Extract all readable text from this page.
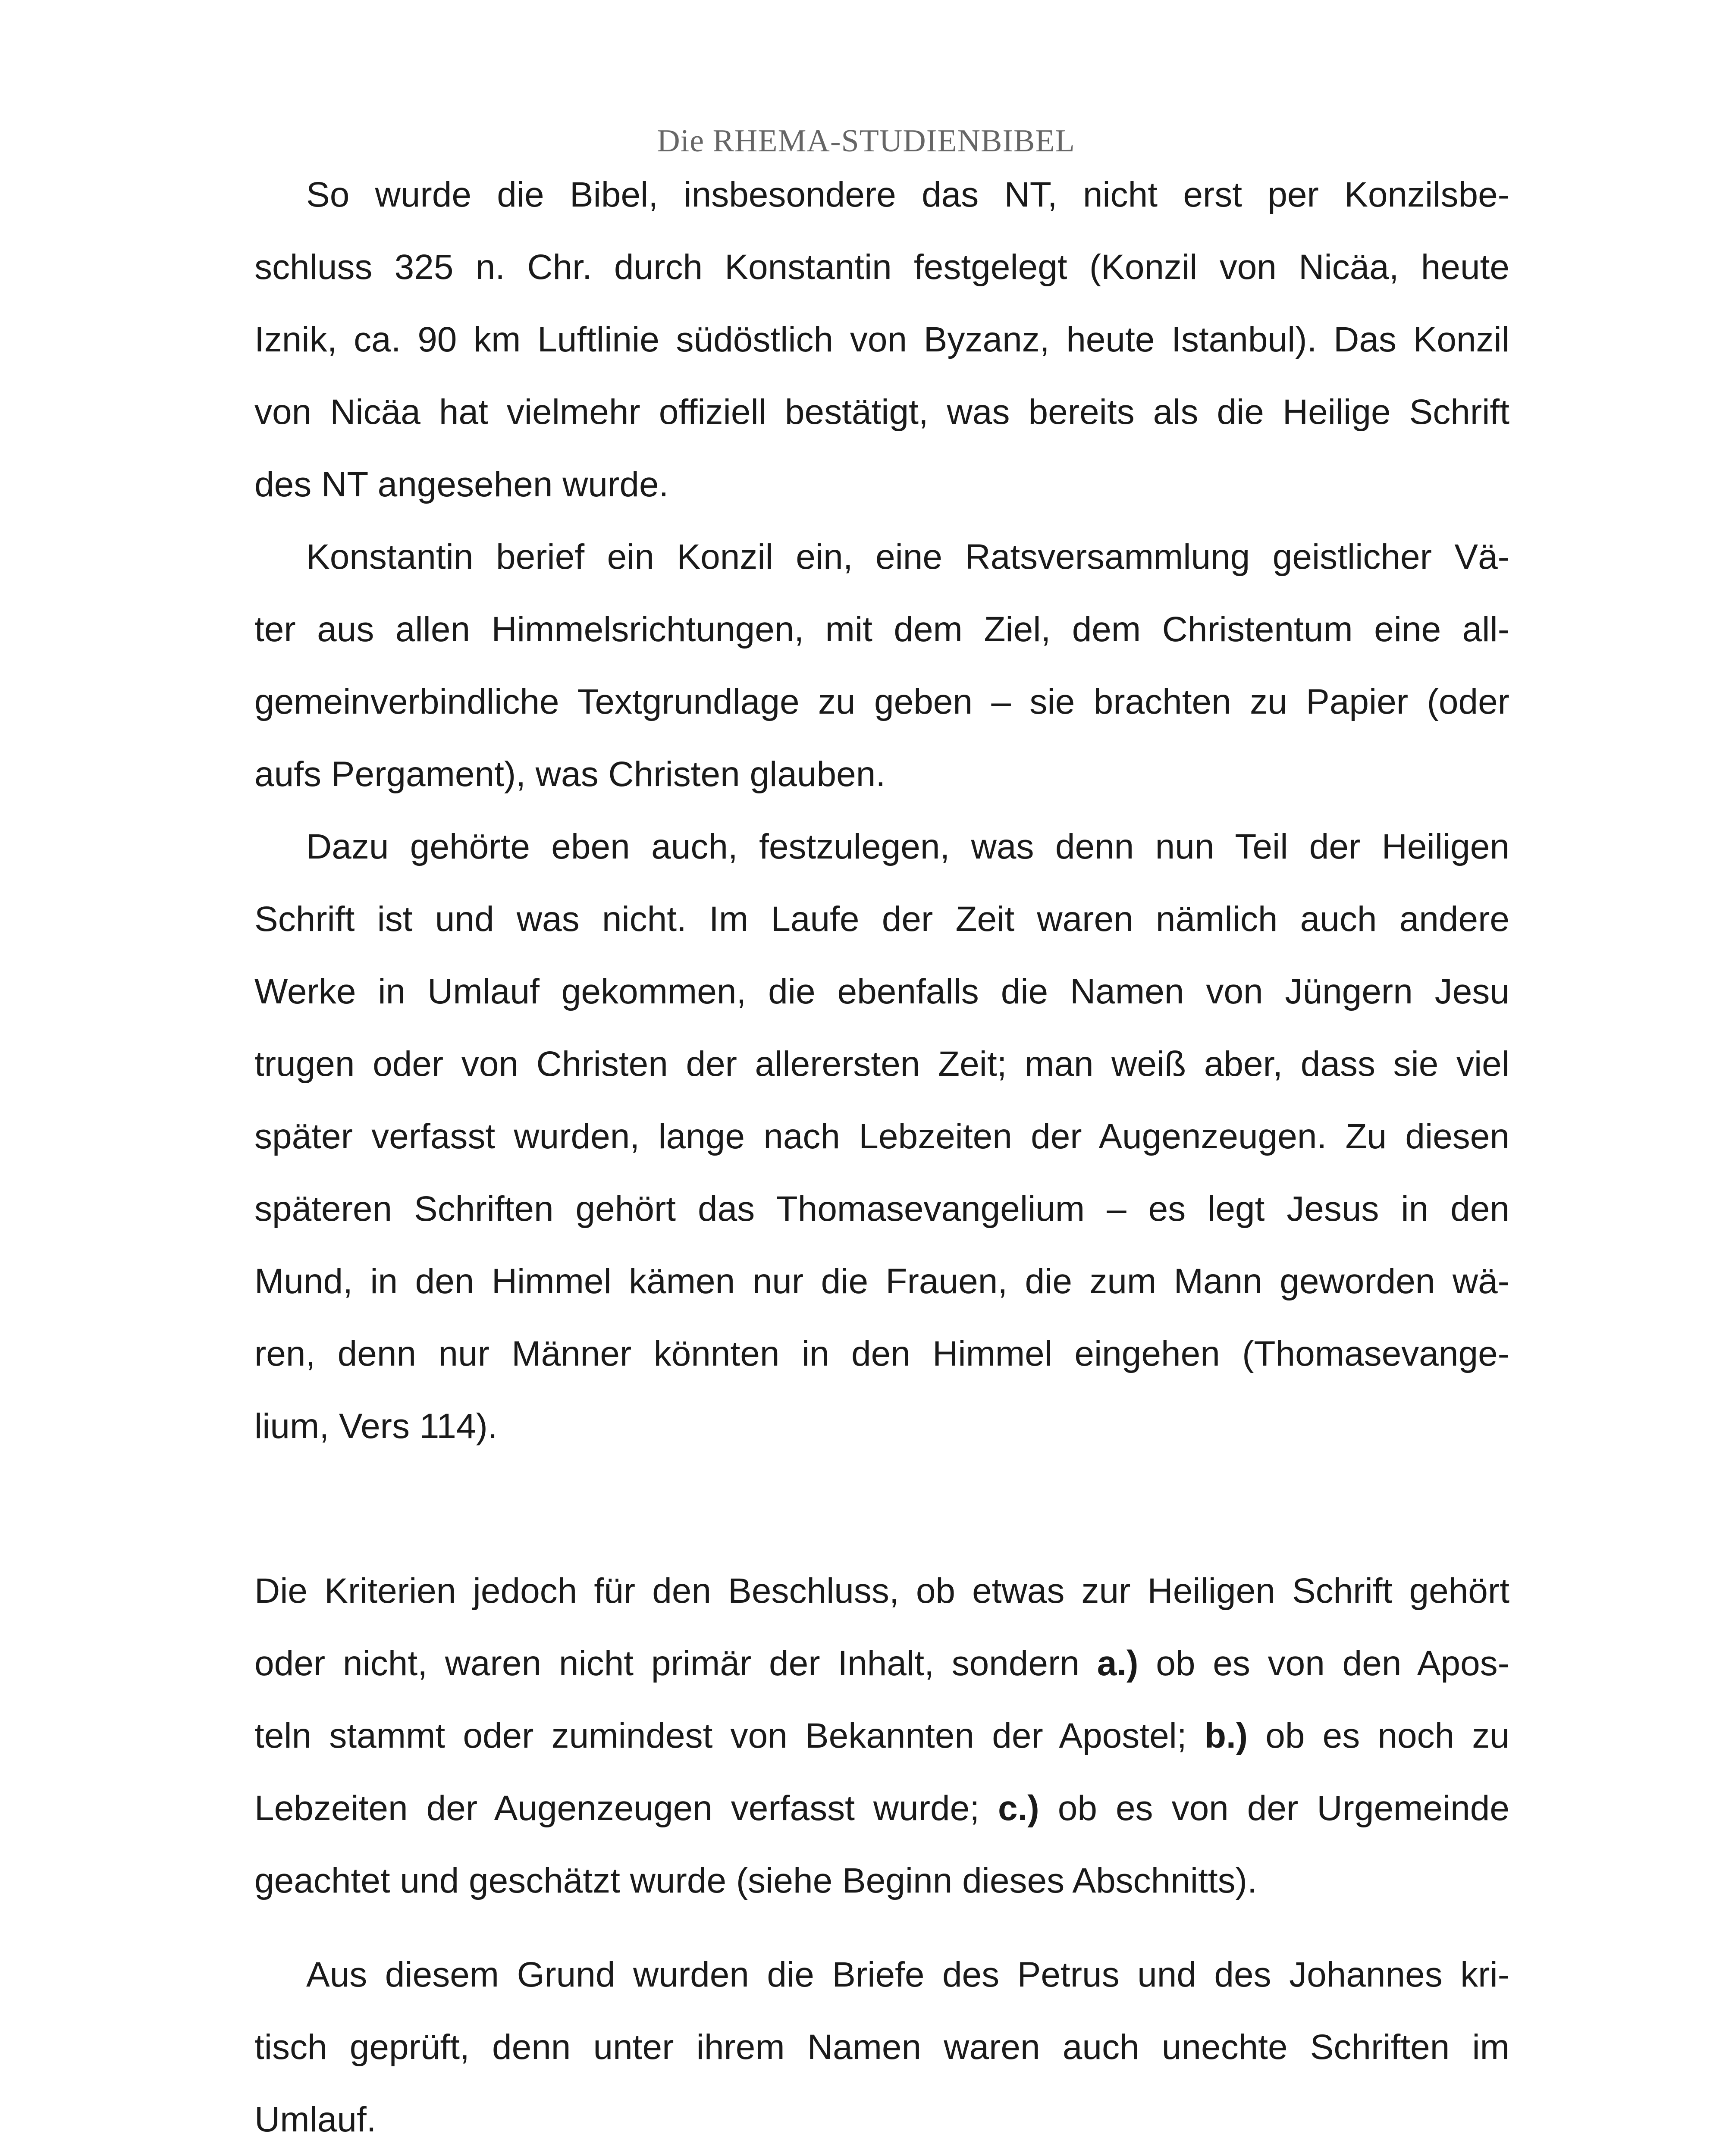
Die RHEMA-STUDIENBIBEL
So wurde die Bibel, insbesondere das NT, nicht erst per Konzilsbe-
schluss 325 n. Chr. durch Konstantin festgelegt (Konzil von Nicäa, heute
Iznik, ca. 90 km Luftlinie südöstlich von Byzanz, heute Istanbul). Das Konzil
von Nicäa hat vielmehr offiziell bestätigt, was bereits als die Heilige Schrift
des NT angesehen wurde.
Konstantin berief ein Konzil ein, eine Ratsversammlung geistlicher Vä-
ter aus allen Himmelsrichtungen, mit dem Ziel, dem Christentum eine all-
gemeinverbindliche Textgrundlage zu geben – sie brachten zu Papier (oder
aufs Pergament), was Christen glauben.
Dazu gehörte eben auch, festzulegen, was denn nun Teil der Heiligen
Schrift ist und was nicht. Im Laufe der Zeit waren nämlich auch andere
Werke in Umlauf gekommen, die ebenfalls die Namen von Jüngern Jesu
trugen oder von Christen der allerersten Zeit; man weiß aber, dass sie viel
später verfasst wurden, lange nach Lebzeiten der Augenzeugen. Zu diesen
späteren Schriften gehört das Thomasevangelium – es legt Jesus in den
Mund, in den Himmel kämen nur die Frauen, die zum Mann geworden wä-
ren, denn nur Männer könnten in den Himmel eingehen (Thomasevange-
lium, Vers 114).
Die Kriterien jedoch für den Beschluss, ob etwas zur Heiligen Schrift gehört
oder nicht, waren nicht primär der Inhalt, sondern a.) ob es von den Apos-
teln stammt oder zumindest von Bekannten der Apostel; b.) ob es noch zu
Lebzeiten der Augenzeugen verfasst wurde; c.) ob es von der Urgemeinde
geachtet und geschätzt wurde (siehe Beginn dieses Abschnitts).
Aus diesem Grund wurden die Briefe des Petrus und des Johannes kri-
tisch geprüft, denn unter ihrem Namen waren auch unechte Schriften im
Umlauf.
